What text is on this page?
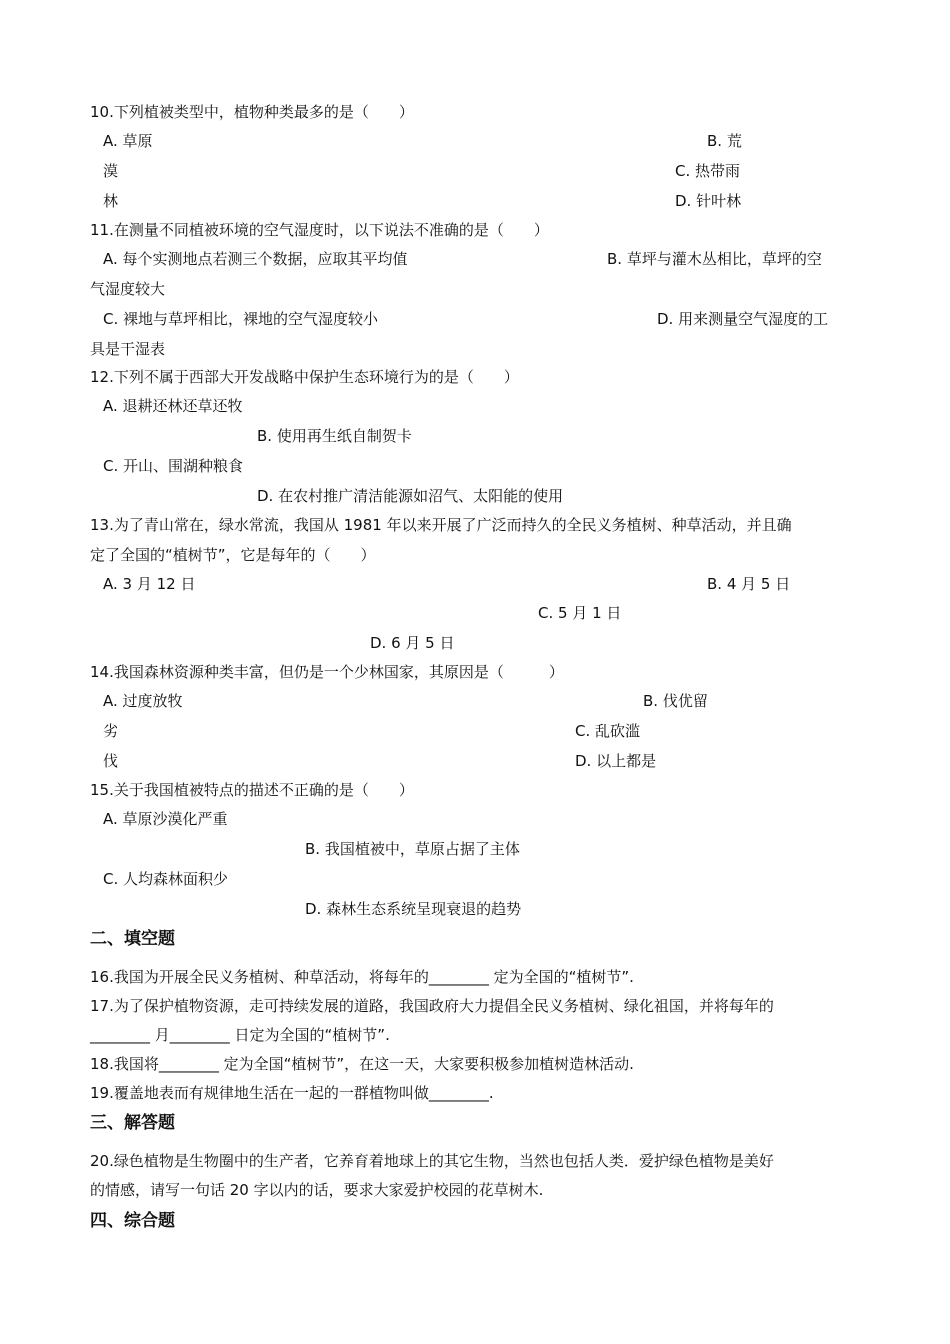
10.下列植被类型中，植物种类最多的是（　　）
A. 草原	B. 荒
漠	C. 热带雨
林	D. 针叶林
11.在测量不同植被环境的空气湿度时，以下说法不准确的是（　　）
A. 每个实测地点若测三个数据，应取其平均值	B. 草坪与灌木丛相比，草坪的空
气湿度较大
C. 裸地与草坪相比，裸地的空气湿度较小	D. 用来测量空气湿度的工
具是干湿表
12.下列不属于西部大开发战略中保护生态环境行为的是（　　）
A. 退耕还林还草还牧
B. 使用再生纸自制贺卡
C. 开山、围湖种粮食
D. 在农村推广清洁能源如沼气、太阳能的使用
13.为了青山常在，绿水常流，我国从 1981 年以来开展了广泛而持久的全民义务植树、种草活动，并且确
定了全国的“植树节”，它是每年的（　　）
A. 3 月 12 日	B. 4 月 5 日
C. 5 月 1 日
D. 6 月 5 日
14.我国森林资源种类丰富，但仍是一个少林国家，其原因是（　　　）
A. 过度放牧	B. 伐优留
劣	C. 乱砍滥
伐	D. 以上都是
15.关于我国植被特点的描述不正确的是（　　）
A. 草原沙漠化严重
B. 我国植被中，草原占据了主体
C. 人均森林面积少
D. 森林生态系统呈现衰退的趋势
二、填空题
16.我国为开展全民义务植树、种草活动，将每年的________ 定为全国的“植树节”.
17.为了保护植物资源，走可持续发展的道路，我国政府大力提倡全民义务植树、绿化祖国，并将每年的
________ 月________ 日定为全国的“植树节”.
18.我国将________ 定为全国“植树节”，在这一天，大家要积极参加植树造林活动.
19.覆盖地表而有规律地生活在一起的一群植物叫做________.
三、解答题
20.绿色植物是生物圈中的生产者，它养育着地球上的其它生物，当然也包括人类．爱护绿色植物是美好
的情感，请写一句话 20 字以内的话，要求大家爱护校园的花草树木.
四、综合题
